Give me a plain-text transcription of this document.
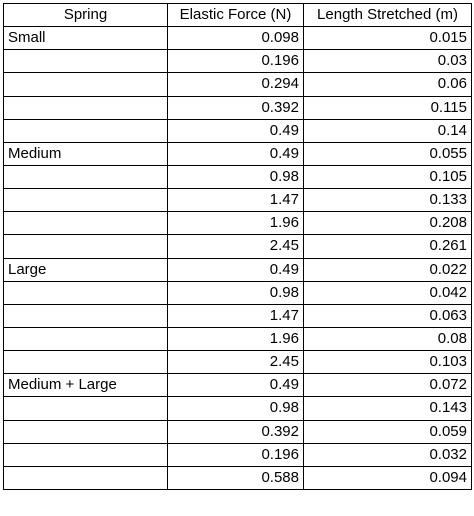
Spring	Elastic Force (N)	Length Stretched (m)
Small	0.098	0.015
	0.196	0.03
	0.294	0.06
	0.392	0.115
	0.49	0.14
Medium	0.49	0.055
	0.98	0.105
	1.47	0.133
	1.96	0.208
	2.45	0.261
Large	0.49	0.022
	0.98	0.042
	1.47	0.063
	1.96	0.08
	2.45	0.103
Medium + Large	0.49	0.072
	0.98	0.143
	0.392	0.059
	0.196	0.032
	0.588	0.094
